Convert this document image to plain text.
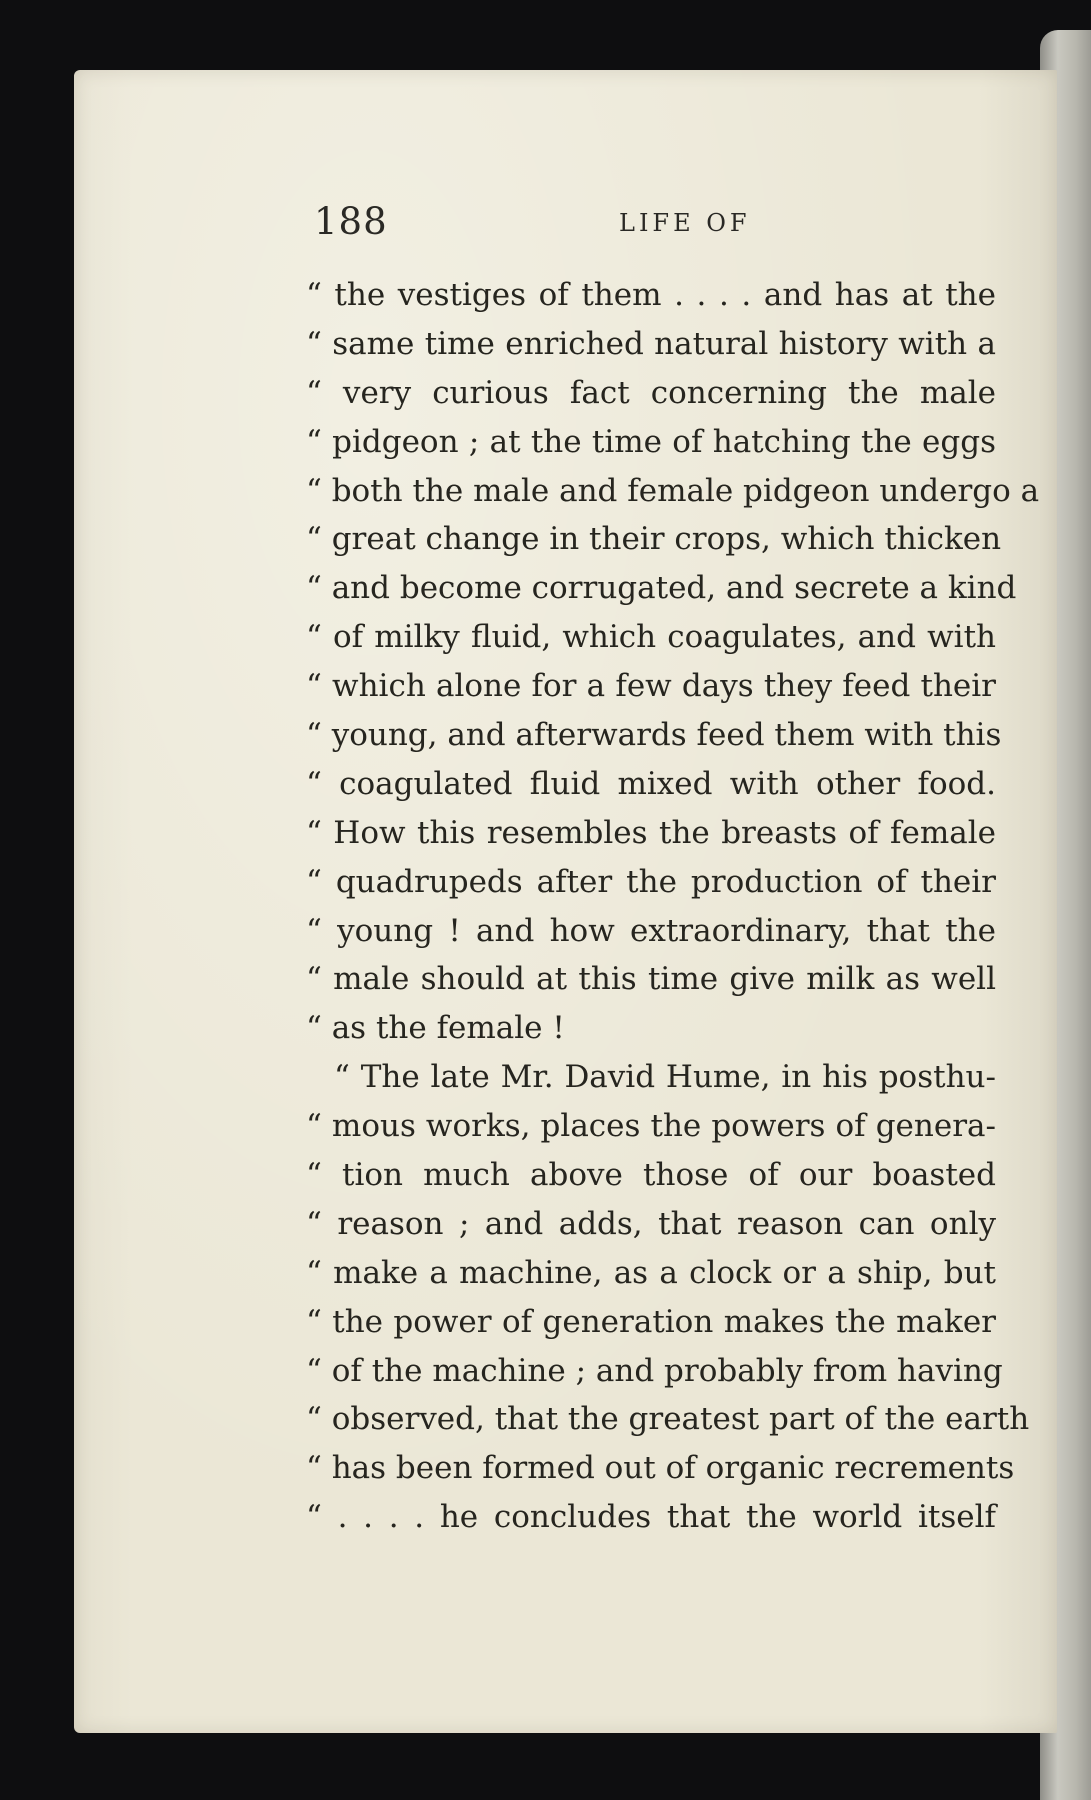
188	LIFE OF
“ the vestiges of them . . . . and has at the
“ same time enriched natural history with a
“ very curious fact concerning the male
“ pidgeon ; at the time of hatching the eggs
“ both the male and female pidgeon undergo a
“ great change in their crops, which thicken
“ and become corrugated, and secrete a kind
“ of milky fluid, which coagulates, and with
“ which alone for a few days they feed their
“ young, and afterwards feed them with this
“ coagulated fluid mixed with other food.
“ How this resembles the breasts of female
“ quadrupeds after the production of their
“ young ! and how extraordinary, that the
“ male should at this time give milk as well
“ as the female !
“ The late Mr. David Hume, in his posthu-
“ mous works, places the powers of genera-
“ tion much above those of our boasted
“ reason ; and adds, that reason can only
“ make a machine, as a clock or a ship, but
“ the power of generation makes the maker
“ of the machine ; and probably from having
“ observed, that the greatest part of the earth
“ has been formed out of organic recrements
“ . . . . he concludes that the world itself
